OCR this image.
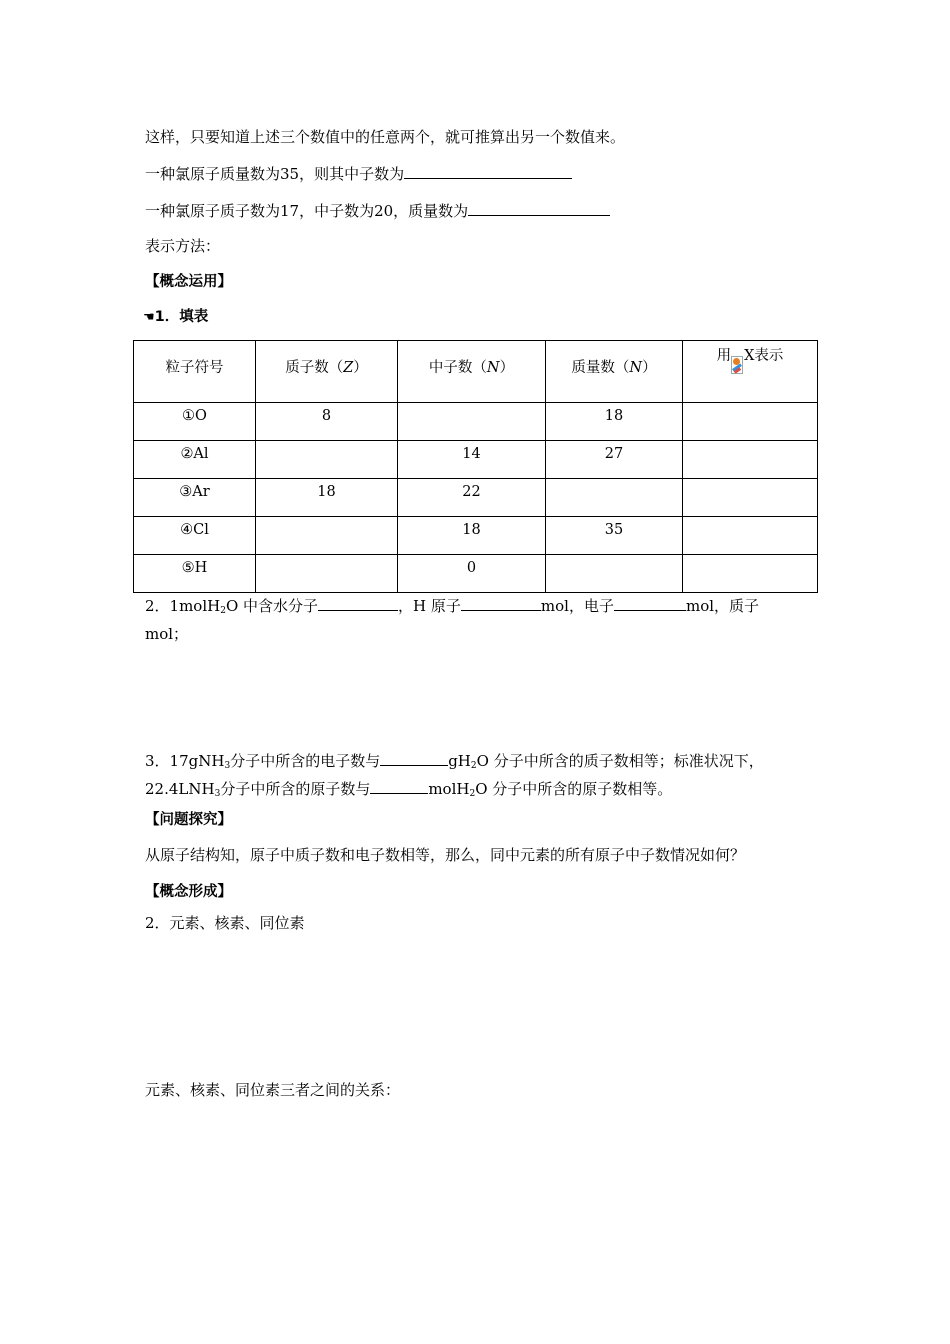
这样，只要知道上述三个数值中的任意两个，就可推算出另一个数值来。
一种氯原子质量数为35，则其中子数为
一种氯原子质子数为17，中子数为20，质量数为
表示方法：
【概念运用】
☚1．填表
粒子符号	质子数（Z）	中子数（N）	质量数（N）	用 X表示
①O	8		18	
②Al		14	27	
③Ar	18	22		
④Cl		18	35	
⑤H		0		
2．1molH$_2$O 中含水分子	，H 原子	mol，电子	mol，质子
mol；
3．17gNH$_3$分子中所含的电子数与	$gH_2O$ 分子中所含的质子数相等；标准状况下，
$22.4LNH_3$分子中所含的原子数与	molH$_2$O 分子中所含的原子数相等。
【问题探究】
从原子结构知，原子中质子数和电子数相等，那么，同中元素的所有原子中子数情况如何？
【概念形成】
2．元素、核素、同位素
元素、核素、同位素三者之间的关系：
